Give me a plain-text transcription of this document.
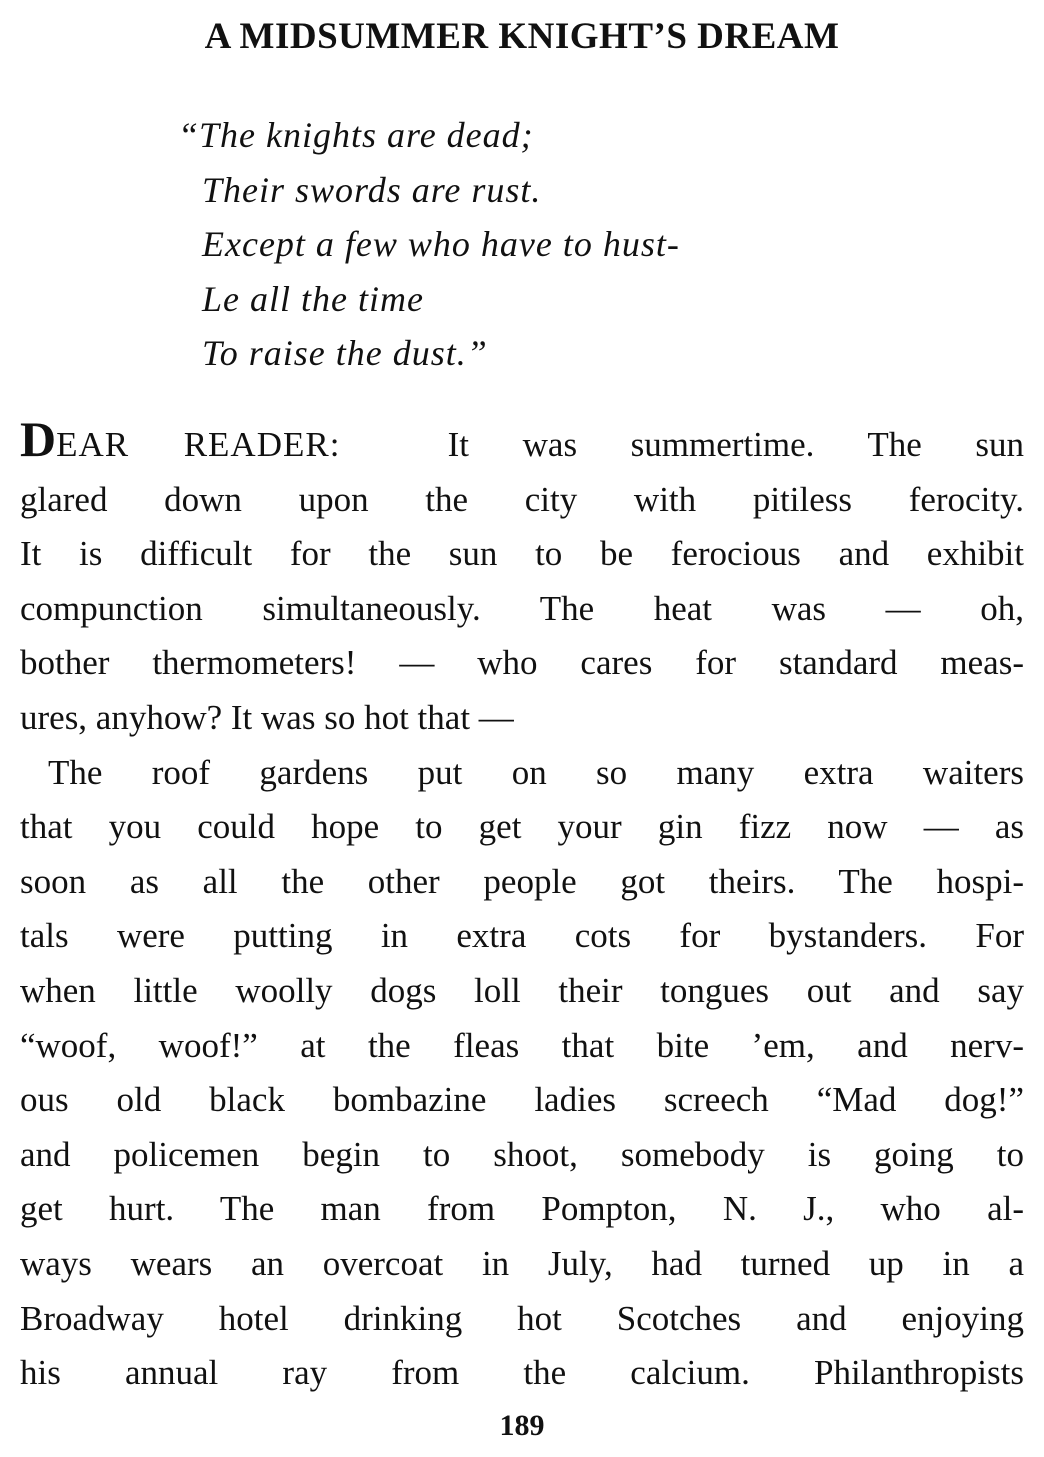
A MIDSUMMER KNIGHT’S DREAM
“The knights are dead;
Their swords are rust.
Except a few who have to hust-
Le all the time
To raise the dust.”
DEAR READER:	It was summertime. The sun
glared down upon the city with pitiless ferocity.
It is difficult for the sun to be ferocious and exhibit
compunction simultaneously. The heat was — oh,
bother thermometers! — who cares for standard meas-
ures, anyhow? It was so hot that —
The roof gardens put on so many extra waiters
that you could hope to get your gin fizz now — as
soon as all the other people got theirs. The hospi-
tals were putting in extra cots for bystanders. For
when little woolly dogs loll their tongues out and say
“woof, woof!” at the fleas that bite ’em, and nerv-
ous old black bombazine ladies screech “Mad dog!”
and policemen begin to shoot, somebody is going to
get hurt. The man from Pompton, N. J., who al-
ways wears an overcoat in July, had turned up in a
Broadway hotel drinking hot Scotches and enjoying
his annual ray from the calcium. Philanthropists
189
